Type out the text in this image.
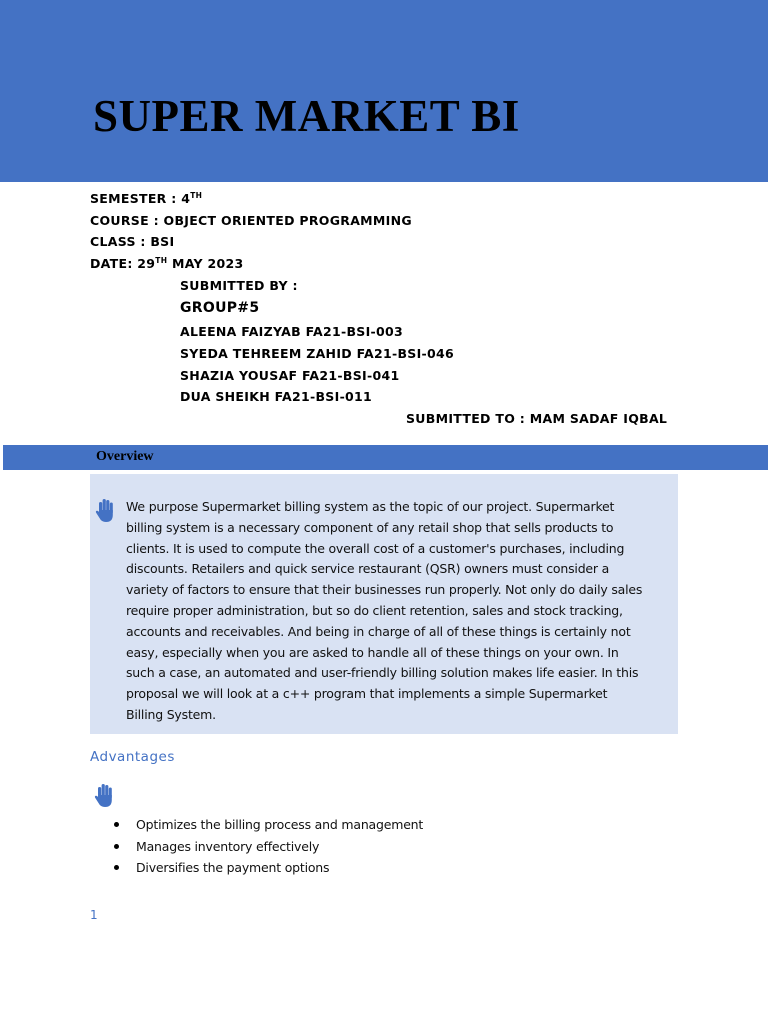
SUPER MARKET BI
SEMESTER : 4TH
COURSE : OBJECT ORIENTED PROGRAMMING
CLASS : BSI
DATE: 29TH MAY 2023
SUBMITTED BY :
GROUP#5
ALEENA FAIZYAB FA21-BSI-003
SYEDA TEHREEM ZAHID FA21-BSI-046
SHAZIA YOUSAF FA21-BSI-041
DUA SHEIKH FA21-BSI-011
SUBMITTED TO : MAM SADAF IQBAL
Overview

We purpose Supermarket billing system as the topic of our project. Supermarket billing system is a necessary component of any retail shop that sells products to clients. It is used to compute the overall cost of a customer's purchases, including discounts. Retailers and quick service restaurant (QSR) owners must consider a variety of factors to ensure that their businesses run properly. Not only do daily sales require proper administration, but so do client retention, sales and stock tracking, accounts and receivables. And being in charge of all of these things is certainly not easy, especially when you are asked to handle all of these things on your own. In such a case, an automated and user-friendly billing solution makes life easier. In this proposal we will look at a c++ program that implements a simple Supermarket Billing System.

Advantages
Optimizes the billing process and management
Manages inventory effectively
Diversifies the payment options
1
